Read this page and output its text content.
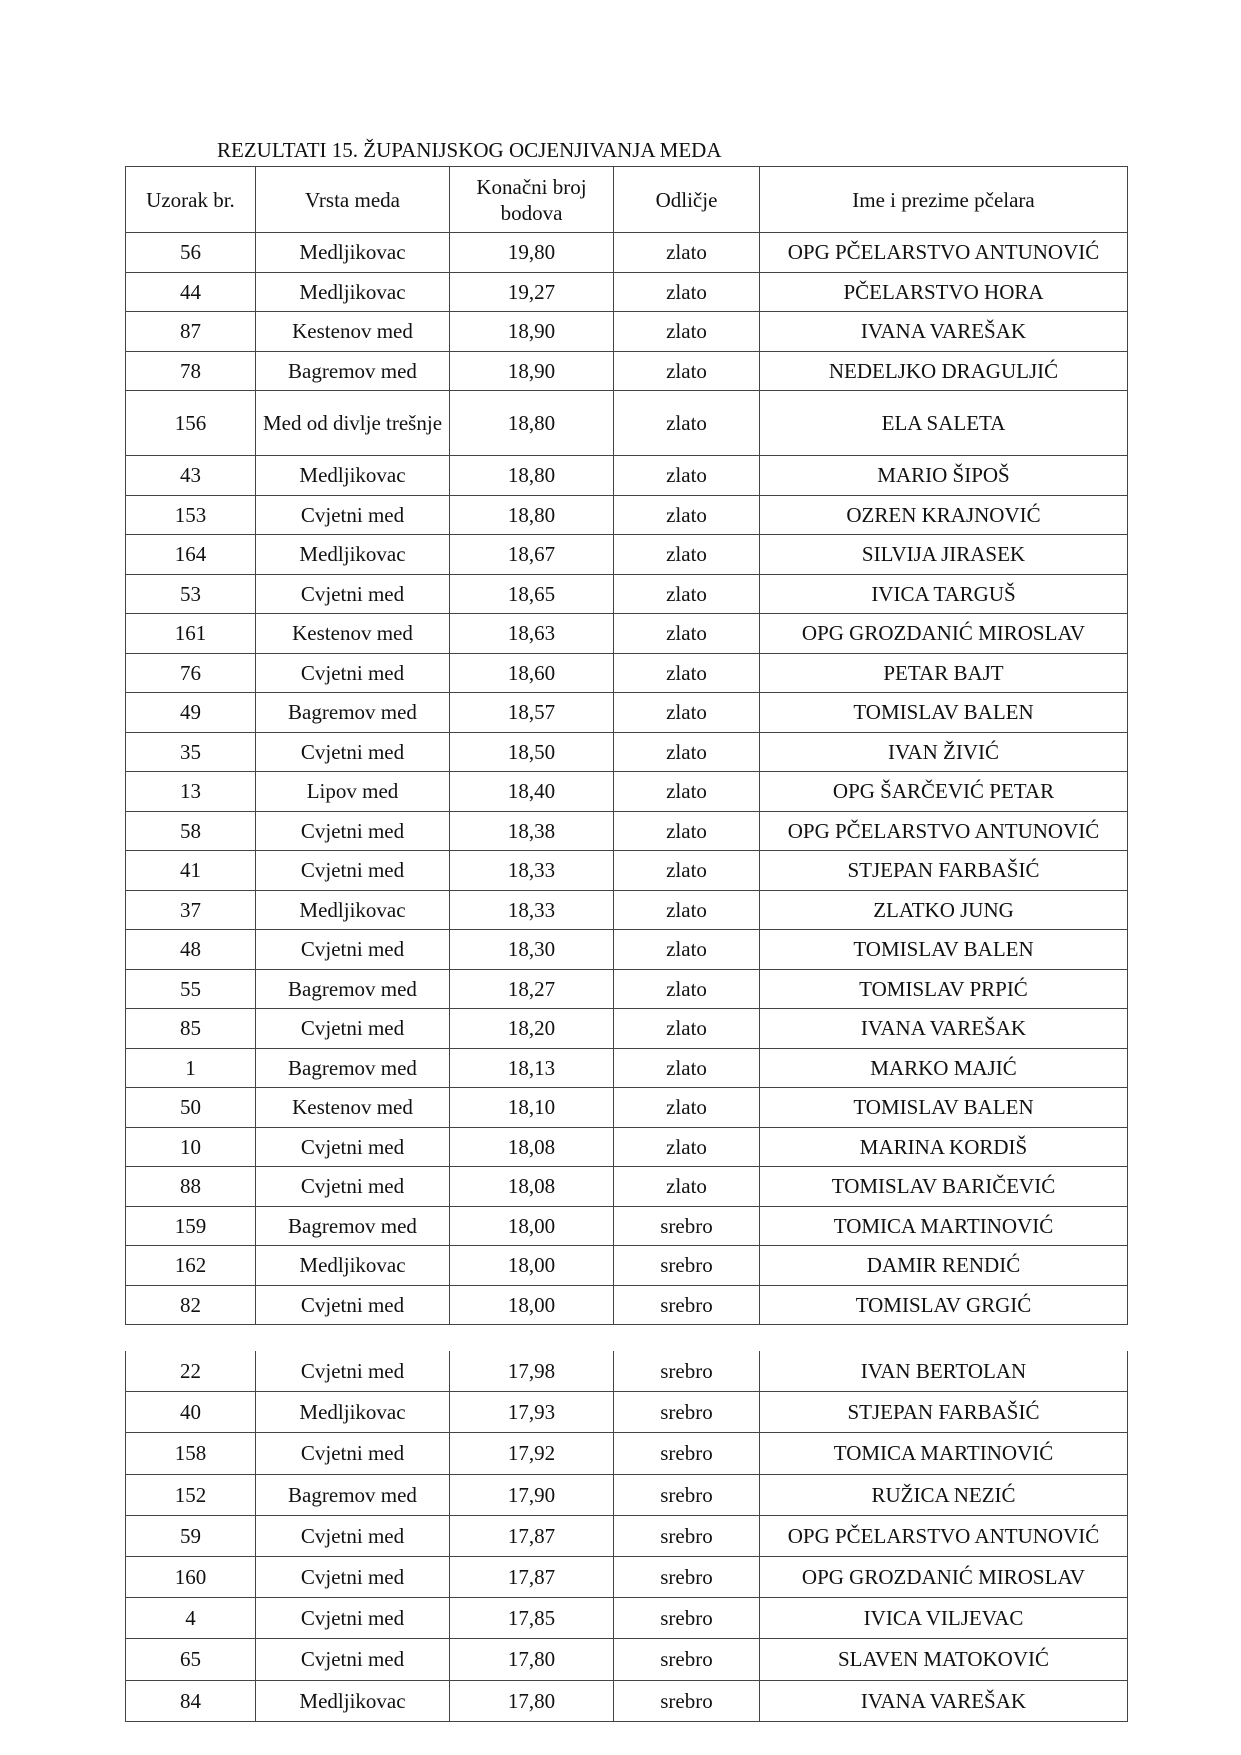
REZULTATI 15. ŽUPANIJSKOG OCJENJIVANJA MEDA
Uzorak br.	Vrsta meda	Konačni broj bodova	Odličje	Ime i prezime pčelara
56	Medljikovac	19,80	zlato	OPG PČELARSTVO ANTUNOVIĆ
44	Medljikovac	19,27	zlato	PČELARSTVO HORA
87	Kestenov med	18,90	zlato	IVANA VAREŠAK
78	Bagremov med	18,90	zlato	NEDELJKO DRAGULJIĆ
156	Med od divlje trešnje	18,80	zlato	ELA SALETA
43	Medljikovac	18,80	zlato	MARIO ŠIPOŠ
153	Cvjetni med	18,80	zlato	OZREN KRAJNOVIĆ
164	Medljikovac	18,67	zlato	SILVIJA JIRASEK
53	Cvjetni med	18,65	zlato	IVICA TARGUŠ
161	Kestenov med	18,63	zlato	OPG GROZDANIĆ MIROSLAV
76	Cvjetni med	18,60	zlato	PETAR BAJT
49	Bagremov med	18,57	zlato	TOMISLAV BALEN
35	Cvjetni med	18,50	zlato	IVAN ŽIVIĆ
13	Lipov med	18,40	zlato	OPG ŠARČEVIĆ PETAR
58	Cvjetni med	18,38	zlato	OPG PČELARSTVO ANTUNOVIĆ
41	Cvjetni med	18,33	zlato	STJEPAN FARBAŠIĆ
37	Medljikovac	18,33	zlato	ZLATKO JUNG
48	Cvjetni med	18,30	zlato	TOMISLAV BALEN
55	Bagremov med	18,27	zlato	TOMISLAV PRPIĆ
85	Cvjetni med	18,20	zlato	IVANA VAREŠAK
1	Bagremov med	18,13	zlato	MARKO MAJIĆ
50	Kestenov med	18,10	zlato	TOMISLAV BALEN
10	Cvjetni med	18,08	zlato	MARINA KORDIŠ
88	Cvjetni med	18,08	zlato	TOMISLAV BARIČEVIĆ
159	Bagremov med	18,00	srebro	TOMICA MARTINOVIĆ
162	Medljikovac	18,00	srebro	DAMIR RENDIĆ
82	Cvjetni med	18,00	srebro	TOMISLAV GRGIĆ
22	Cvjetni med	17,98	srebro	IVAN BERTOLAN
40	Medljikovac	17,93	srebro	STJEPAN FARBAŠIĆ
158	Cvjetni med	17,92	srebro	TOMICA MARTINOVIĆ
152	Bagremov med	17,90	srebro	RUŽICA NEZIĆ
59	Cvjetni med	17,87	srebro	OPG PČELARSTVO ANTUNOVIĆ
160	Cvjetni med	17,87	srebro	OPG GROZDANIĆ MIROSLAV
4	Cvjetni med	17,85	srebro	IVICA VILJEVAC
65	Cvjetni med	17,80	srebro	SLAVEN MATOKOVIĆ
84	Medljikovac	17,80	srebro	IVANA VAREŠAK
